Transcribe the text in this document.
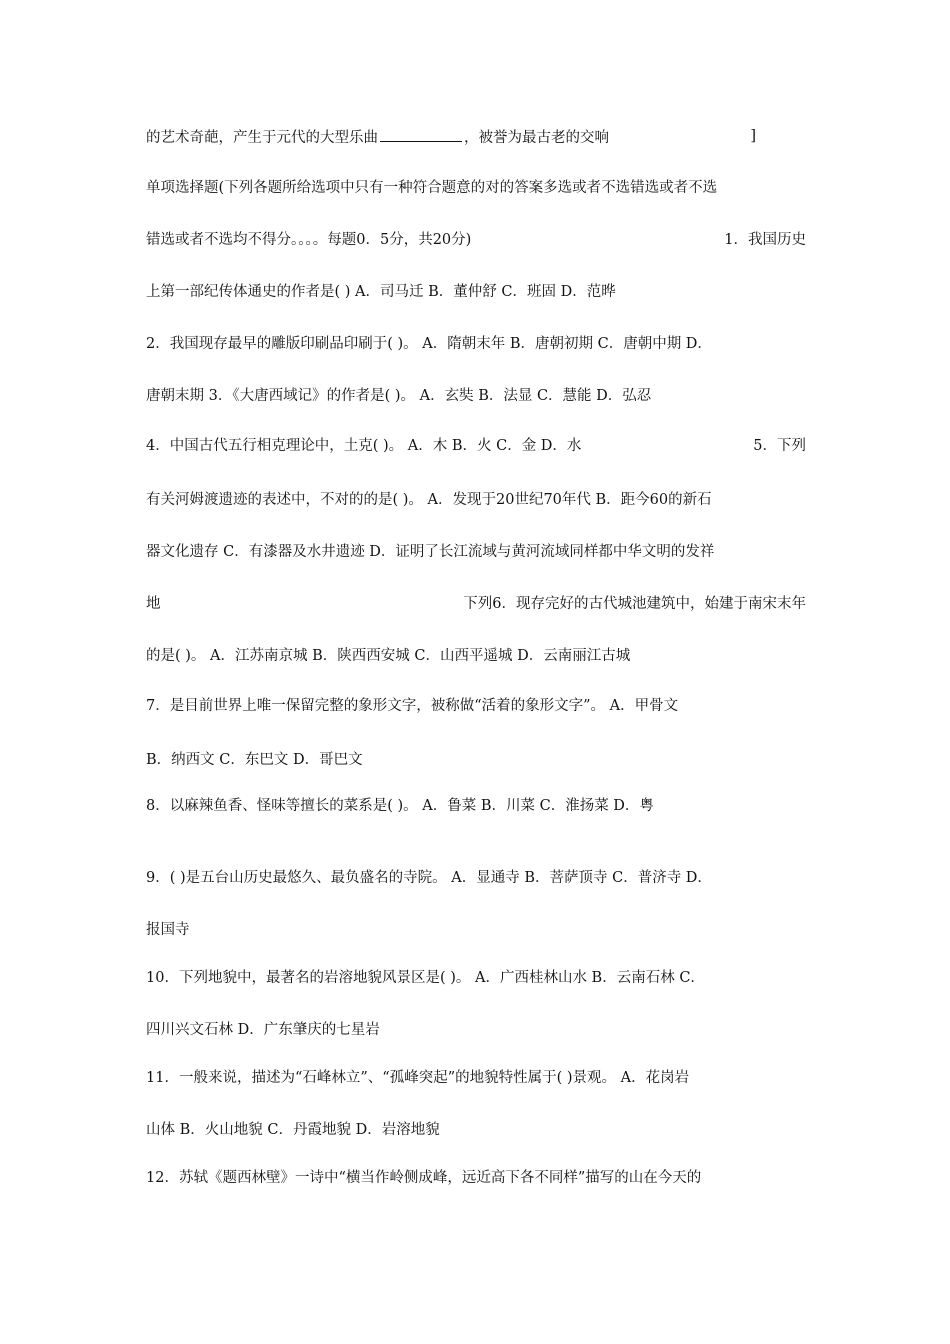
的艺术奇葩，产生于元代的大型乐曲	，被誉为最古老的交响	]
单项选择题(下列各题所给选项中只有一种符合题意的对的答案多选或者不选错选或者不选
错选或者不选均不得分。。。。每题0．5分，共20分)	1．我国历史
上第一部纪传体通史的作者是( ) A．司马迁 B．董仲舒 C．班固 D．范晔
2．我国现存最早的雕版印刷品印刷于( )。 A．隋朝末年 B．唐朝初期 C．唐朝中期 D．
唐朝末期 3．《大唐西域记》的作者是( )。 A．玄奘 B．法显 C．慧能 D．弘忍
4．中国古代五行相克理论中，土克( )。 A．木 B．火 C．金 D．水	5．下列
有关河姆渡遗迹的表述中，不对的的是( )。 A．发现于20世纪70年代 B．距今60的新石
器文化遗存 C．有漆器及水井遗迹 D．证明了长江流域与黄河流域同样都中华文明的发祥
地	下列6．现存完好的古代城池建筑中，始建于南宋末年
的是( )。 A．江苏南京城 B．陕西西安城 C．山西平遥城 D．云南丽江古城
7．是目前世界上唯一保留完整的象形文字，被称做“活着的象形文字”。 A．甲骨文
B．纳西文 C．东巴文 D．哥巴文
8．以麻辣鱼香、怪味等擅长的菜系是( )。 A．鲁菜 B．川菜 C．淮扬菜 D．粤
9．( )是五台山历史最悠久、最负盛名的寺院。 A．显通寺 B．菩萨顶寺 C．普济寺 D．
报国寺
10．下列地貌中，最著名的岩溶地貌风景区是( )。 A．广西桂林山水 B．云南石林 C．
四川兴文石林 D．广东肇庆的七星岩
11．一般来说，描述为“石峰林立”、“孤峰突起”的地貌特性属于( )景观。 A．花岗岩
山体 B．火山地貌 C．丹霞地貌 D．岩溶地貌
12．苏轼《题西林壁》一诗中“横当作岭侧成峰，远近高下各不同样”描写的山在今天的
